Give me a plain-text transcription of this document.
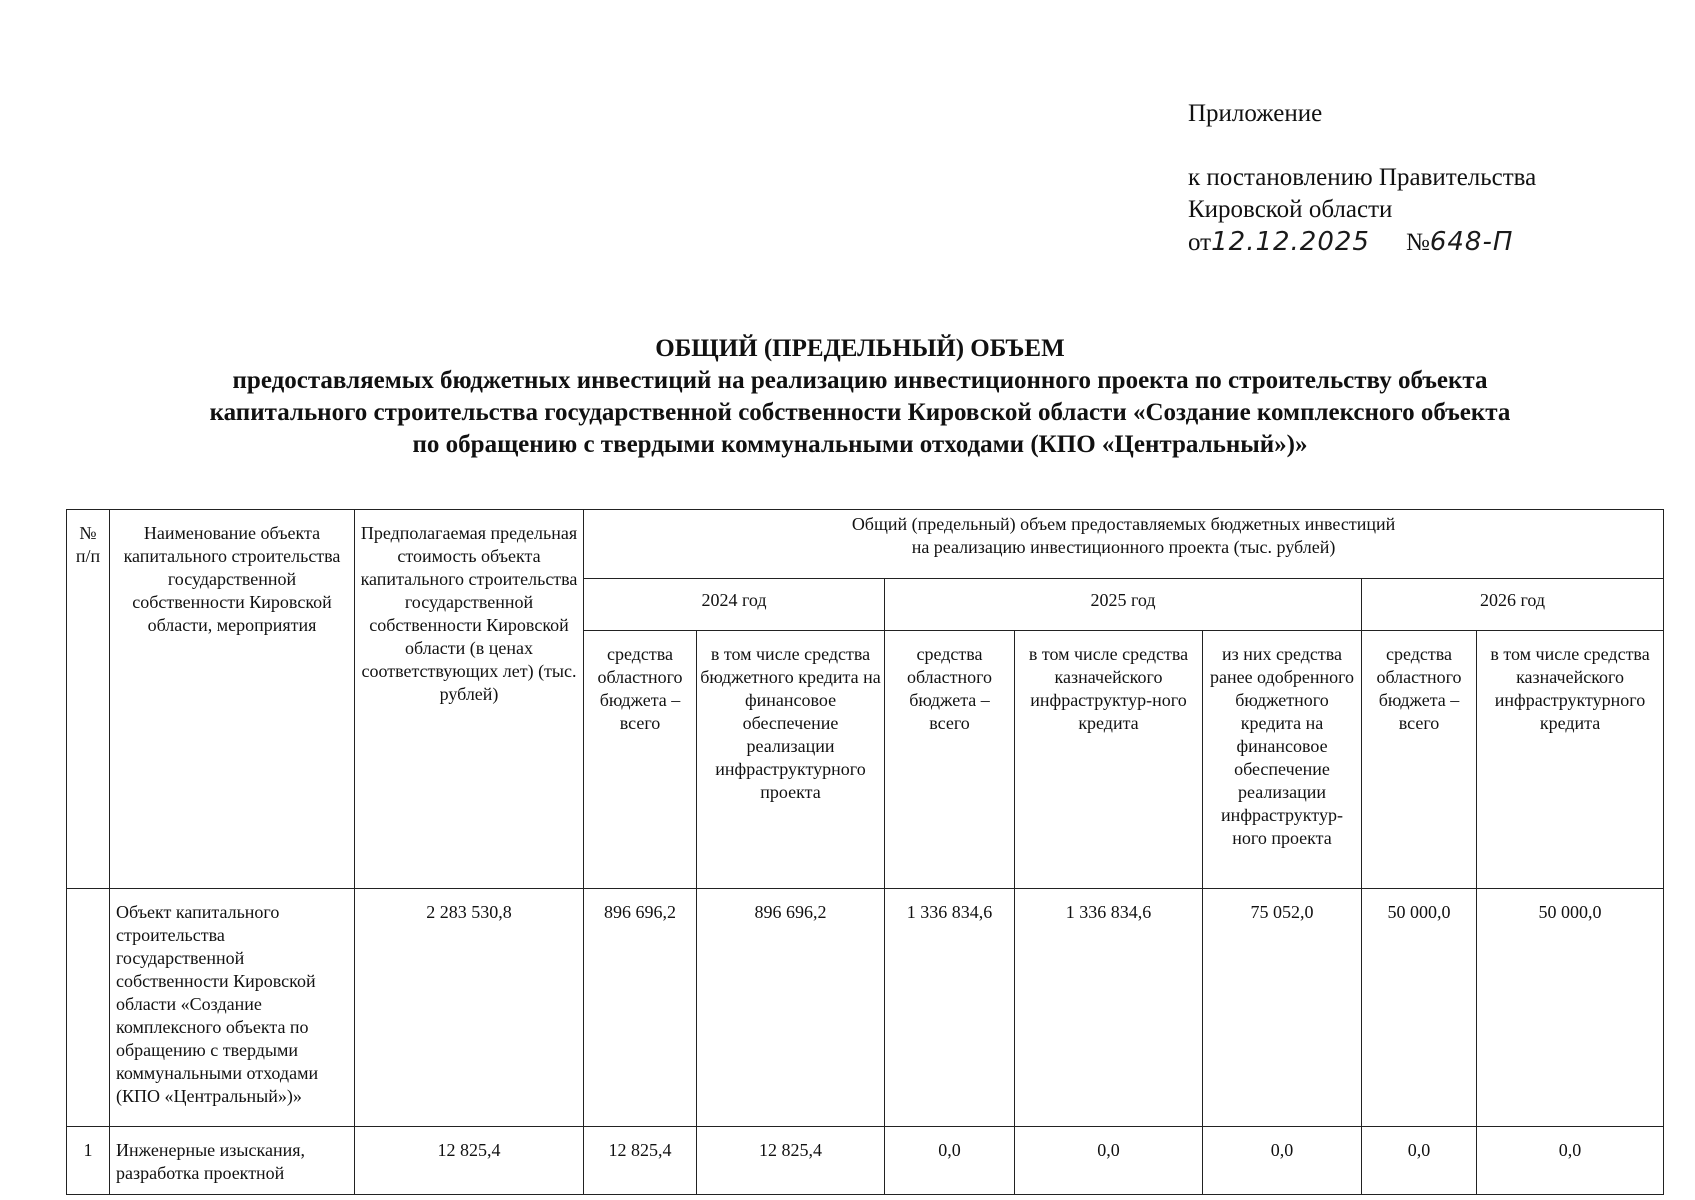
Приложение
к постановлению Правительства
Кировской области
от12.12.2025 №648-П
ОБЩИЙ (ПРЕДЕЛЬНЫЙ) ОБЪЕМ
предоставляемых бюджетных инвестиций на реализацию инвестиционного проекта по строительству объекта
капитального строительства государственной собственности Кировской области «Создание комплексного объекта
по обращению с твердыми коммунальными отходами (КПО «Центральный»)»
№ п/п	Наименование объекта капитального строительства государственной собственности Кировской области, мероприятия	Предполагаемая предельная стоимость объекта капитального строительства государственной собственности Кировской области (в ценах соответствующих лет) (тыс. рублей)	Общий (предельный) объем предоставляемых бюджетных инвестиций
на реализацию инвестиционного проекта (тыс. рублей)						

			2024 год		2025 год			2026 год	
			средства областного бюджета – всего	в том числе средства бюджетного кредита на финансовое обеспечение реализации инфраструктурного проекта	средства областного бюджета – всего	в том числе средства казначейского инфраструктур-ного кредита	из них средства ранее одобренного бюджетного кредита на финансовое обеспечение реализации инфраструктур-ного проекта	средства областного бюджета – всего	в том числе средства казначейского инфраструктурного кредита
	Объект капитального строительства государственной собственности Кировской области «Создание комплексного объекта по обращению с твердыми коммунальными отходами (КПО «Центральный»)»	2 283 530,8	896 696,2	896 696,2	1 336 834,6	1 336 834,6	75 052,0	50 000,0	50 000,0
1	Инженерные изыскания, разработка проектной	12 825,4	12 825,4	12 825,4	0,0	0,0	0,0	0,0	0,0
